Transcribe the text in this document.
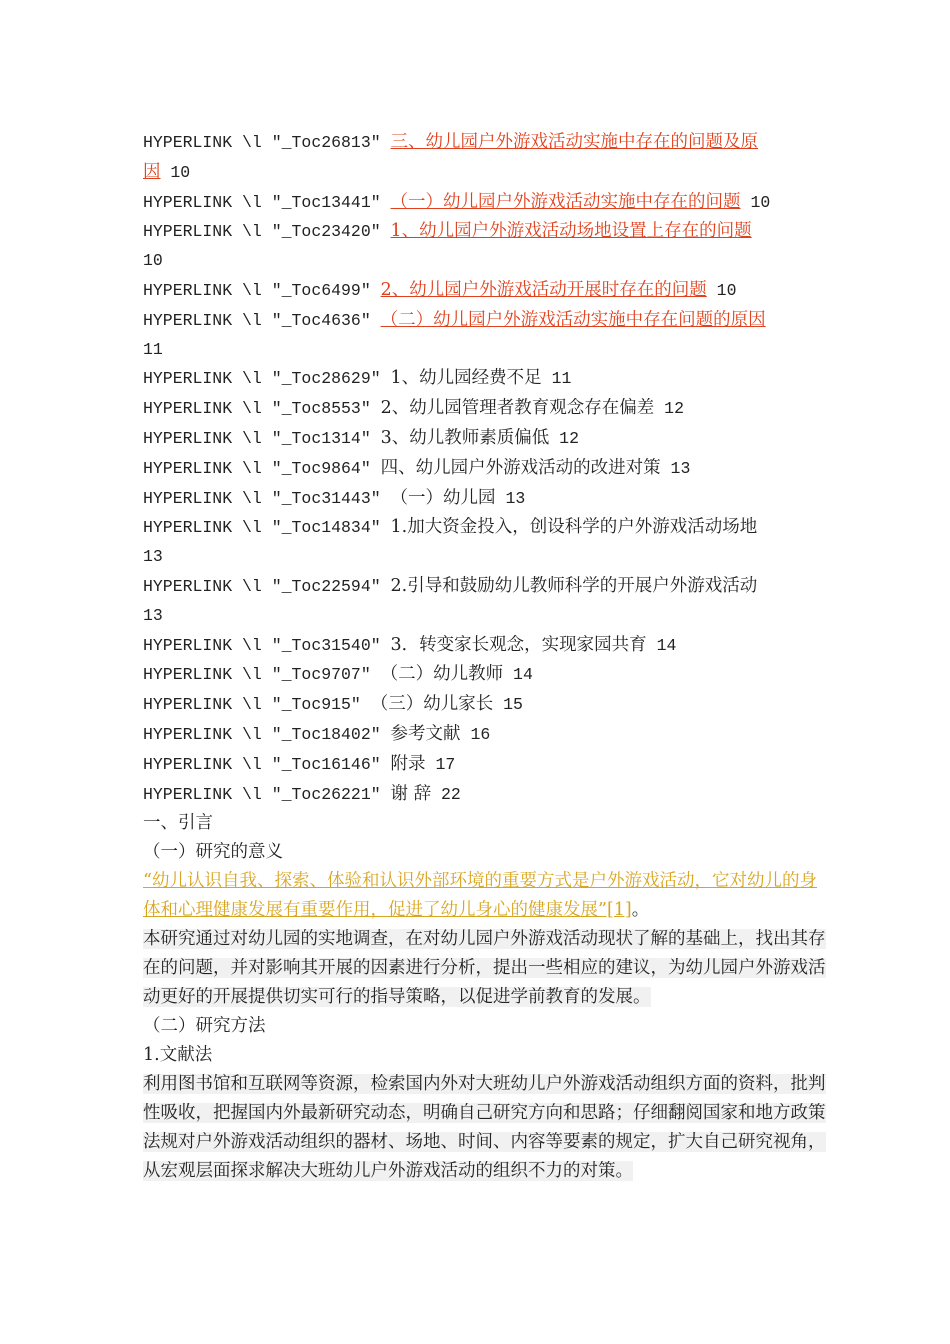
HYPERLINK \l "_Toc26813" 三、幼儿园户外游戏活动实施中存在的问题及原
因 10
HYPERLINK \l "_Toc13441" （一）幼儿园户外游戏活动实施中存在的问题 10
HYPERLINK \l "_Toc23420" 1、幼儿园户外游戏活动场地设置上存在的问题
10
HYPERLINK \l "_Toc6499" 2、幼儿园户外游戏活动开展时存在的问题 10
HYPERLINK \l "_Toc4636" （二）幼儿园户外游戏活动实施中存在问题的原因
11
HYPERLINK \l "_Toc28629" 1、幼儿园经费不足 11
HYPERLINK \l "_Toc8553" 2、幼儿园管理者教育观念存在偏差 12
HYPERLINK \l "_Toc1314" 3、幼儿教师素质偏低 12
HYPERLINK \l "_Toc9864" 四、幼儿园户外游戏活动的改进对策 13
HYPERLINK \l "_Toc31443" （一）幼儿园 13
HYPERLINK \l "_Toc14834" 1.加大资金投入，创设科学的户外游戏活动场地
13
HYPERLINK \l "_Toc22594" 2.引导和鼓励幼儿教师科学的开展户外游戏活动
13
HYPERLINK \l "_Toc31540" 3．转变家长观念，实现家园共育 14
HYPERLINK \l "_Toc9707" （二）幼儿教师 14
HYPERLINK \l "_Toc915" （三）幼儿家长 15
HYPERLINK \l "_Toc18402" 参考文献 16
HYPERLINK \l "_Toc16146" 附录 17
HYPERLINK \l "_Toc26221" 谢 辞 22
一、引言
（一）研究的意义
“幼儿认识自我、探索、体验和认识外部环境的重要方式是户外游戏活动，它对幼儿的身体和心理健康发展有重要作用，促进了幼儿身心的健康发展”[1]。
本研究通过对幼儿园的实地调查，在对幼儿园户外游戏活动现状了解的基础上，找出其存在的问题，并对影响其开展的因素进行分析，提出一些相应的建议，为幼儿园户外游戏活动更好的开展提供切实可行的指导策略，以促进学前教育的发展。
（二）研究方法
1.文献法
利用图书馆和互联网等资源，检索国内外对大班幼儿户外游戏活动组织方面的资料，批判性吸收，把握国内外最新研究动态，明确自己研究方向和思路；仔细翻阅国家和地方政策法规对户外游戏活动组织的器材、场地、时间、内容等要素的规定，扩大自己研究视角，从宏观层面探求解决大班幼儿户外游戏活动的组织不力的对策。
